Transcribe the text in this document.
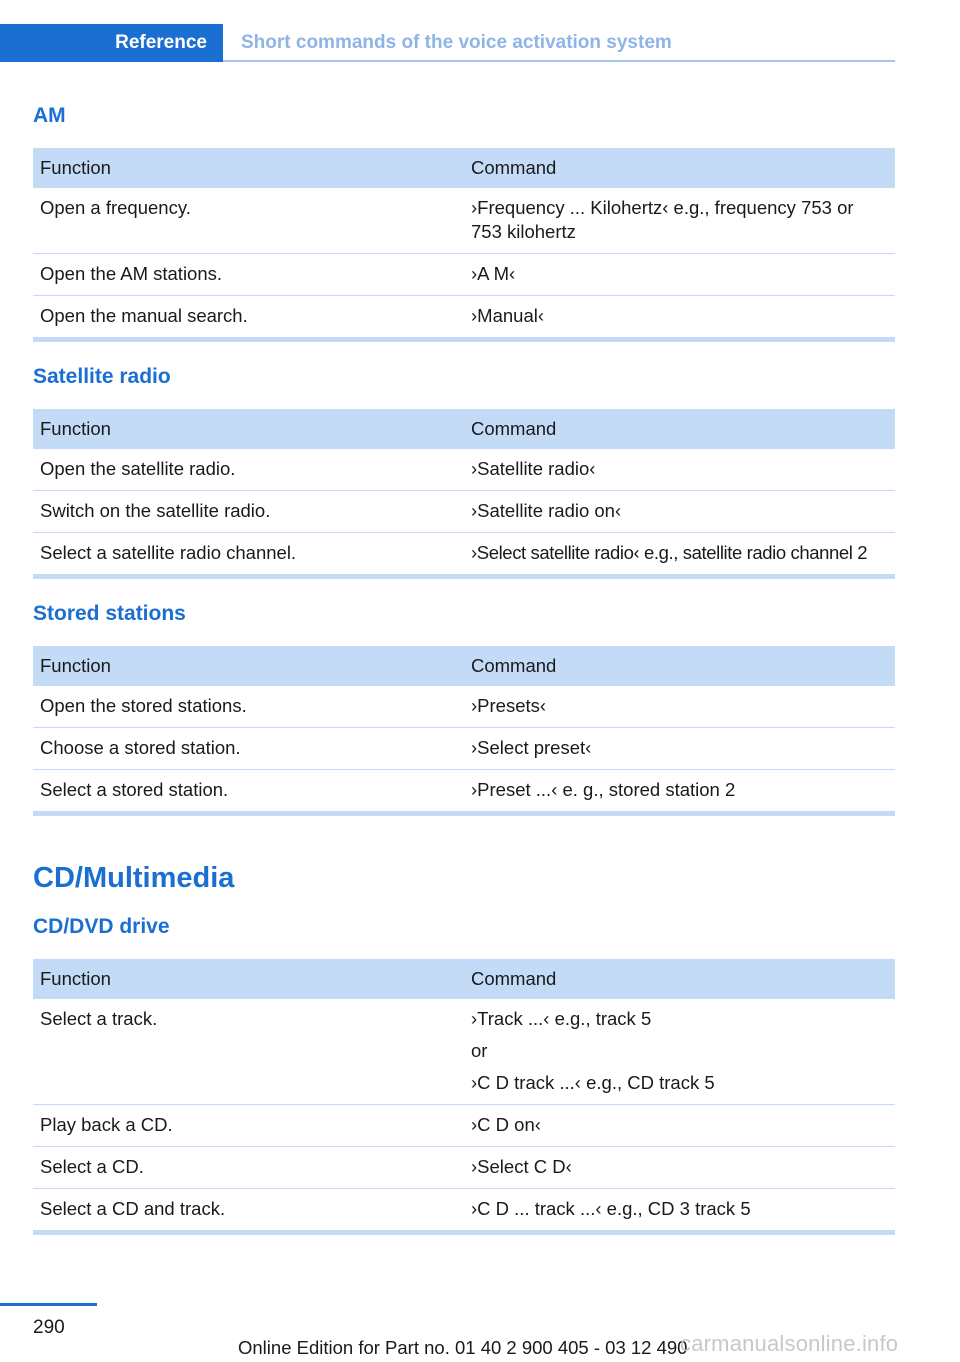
Reference	Short commands of the voice activation system
AM
Function	Command
Open a frequency.	›Frequency ... Kilohertz‹ e.g., frequency 753 or 753 kilohertz

Open the AM stations.	›A M‹

Open the manual search.	›Manual‹
Satellite radio
Function	Command
Open the satellite radio.	›Satellite radio‹

Switch on the satellite radio.	›Satellite radio on‹

Select a satellite radio channel.	›Select satellite radio‹ e.g., satellite radio channel 2
Stored stations
Function	Command
Open the stored stations.	›Presets‹

Choose a stored station.	›Select preset‹

Select a stored station.	›Preset ...‹ e. g., stored station 2
CD/Multimedia
CD/DVD drive
Function	Command
Select a track.	›Track ...‹ e.g., track 5
or
›C D track ...‹ e.g., CD track 5

Play back a CD.	›C D on‹

Select a CD.	›Select C D‹

Select a CD and track.	›C D ... track ...‹ e.g., CD 3 track 5
290
Online Edition for Part no. 01 40 2 900 405 - 03 12 490
carmanualsonline.info
